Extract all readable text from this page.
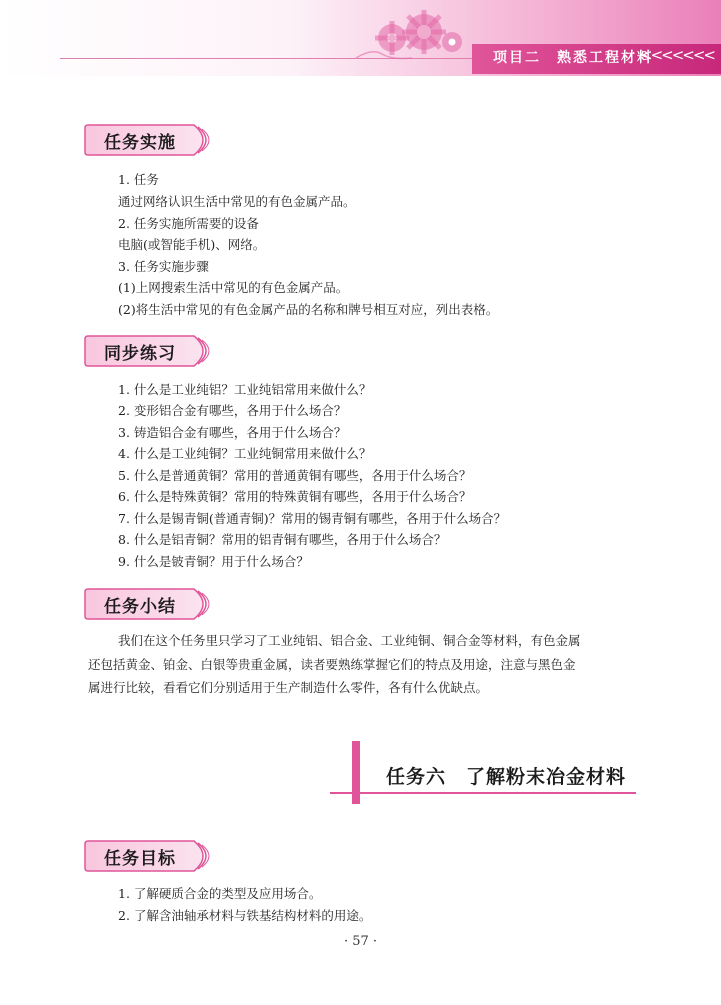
项目二　熟悉工程材料
<<<<<<<
任务实施
1. 任务
通过网络认识生活中常见的有色金属产品。
2. 任务实施所需要的设备
电脑(或智能手机)、网络。
3. 任务实施步骤
(1)上网搜索生活中常见的有色金属产品。
(2)将生活中常见的有色金属产品的名称和牌号相互对应，列出表格。
同步练习
1. 什么是工业纯铝？工业纯铝常用来做什么？
2. 变形铝合金有哪些，各用于什么场合？
3. 铸造铝合金有哪些，各用于什么场合？
4. 什么是工业纯铜？工业纯铜常用来做什么？
5. 什么是普通黄铜？常用的普通黄铜有哪些，各用于什么场合？
6. 什么是特殊黄铜？常用的特殊黄铜有哪些，各用于什么场合？
7. 什么是锡青铜(普通青铜)？常用的锡青铜有哪些，各用于什么场合？
8. 什么是铝青铜？常用的铝青铜有哪些，各用于什么场合？
9. 什么是铍青铜？用于什么场合？
任务小结
我们在这个任务里只学习了工业纯铝、铝合金、工业纯铜、铜合金等材料，有色金属
还包括黄金、铂金、白银等贵重金属，读者要熟练掌握它们的特点及用途，注意与黑色金
属进行比较，看看它们分别适用于生产制造什么零件，各有什么优缺点。
任务六　了解粉末冶金材料
任务目标
1. 了解硬质合金的类型及应用场合。
2. 了解含油轴承材料与铁基结构材料的用途。
· 57 ·
